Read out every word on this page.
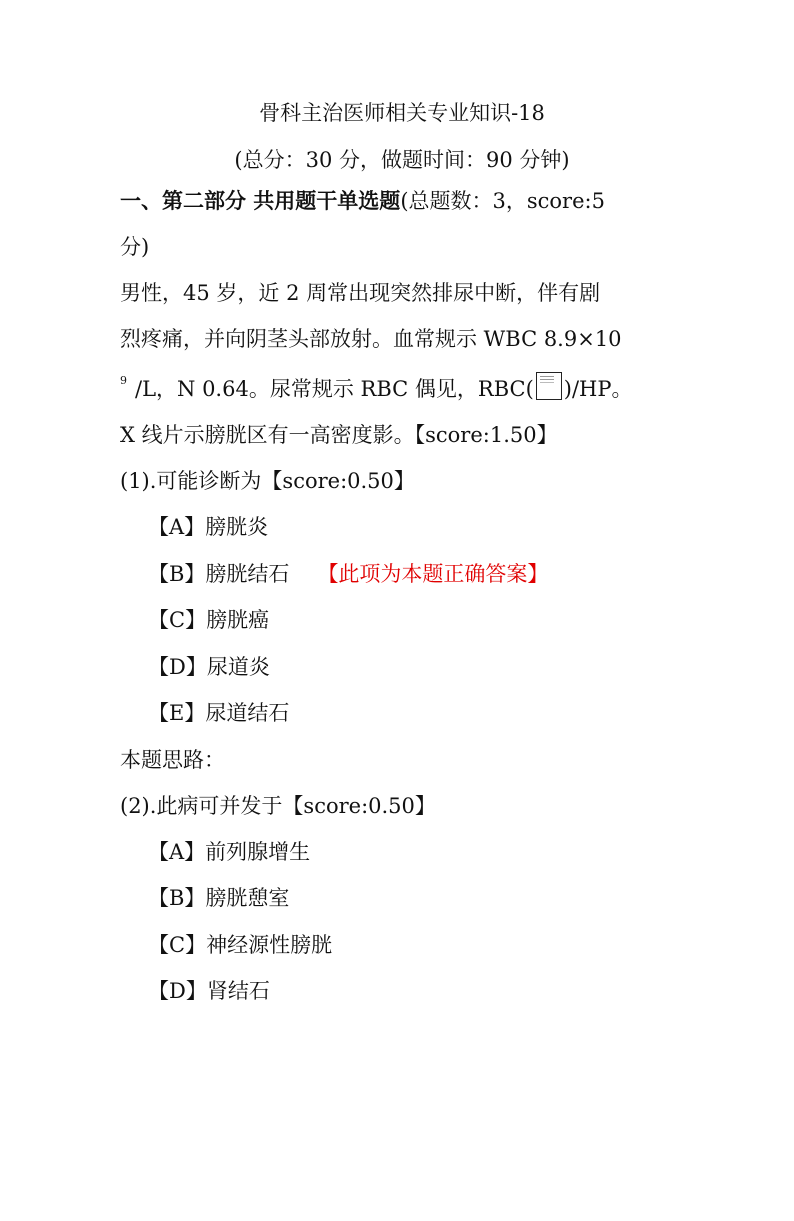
骨科主治医师相关专业知识-18
(总分：30 分，做题时间：90 分钟)
一、第二部分 共用题干单选题(总题数：3，score:5
分)
男性，45 岁，近 2 周常出现突然排尿中断，伴有剧
烈疼痛，并向阴茎头部放射。血常规示 WBC 8.9×10
$^9$ /L，N 0.64。尿常规示 RBC 偶见，RBC( )/HP。
X 线片示膀胱区有一高密度影。【score:1.50】
(1).可能诊断为【score:0.50】
【A】膀胱炎
【B】膀胱结石 【此项为本题正确答案】
【C】膀胱癌
【D】尿道炎
【E】尿道结石
本题思路：
(2).此病可并发于【score:0.50】
【A】前列腺增生
【B】膀胱憩室
【C】神经源性膀胱
【D】肾结石
